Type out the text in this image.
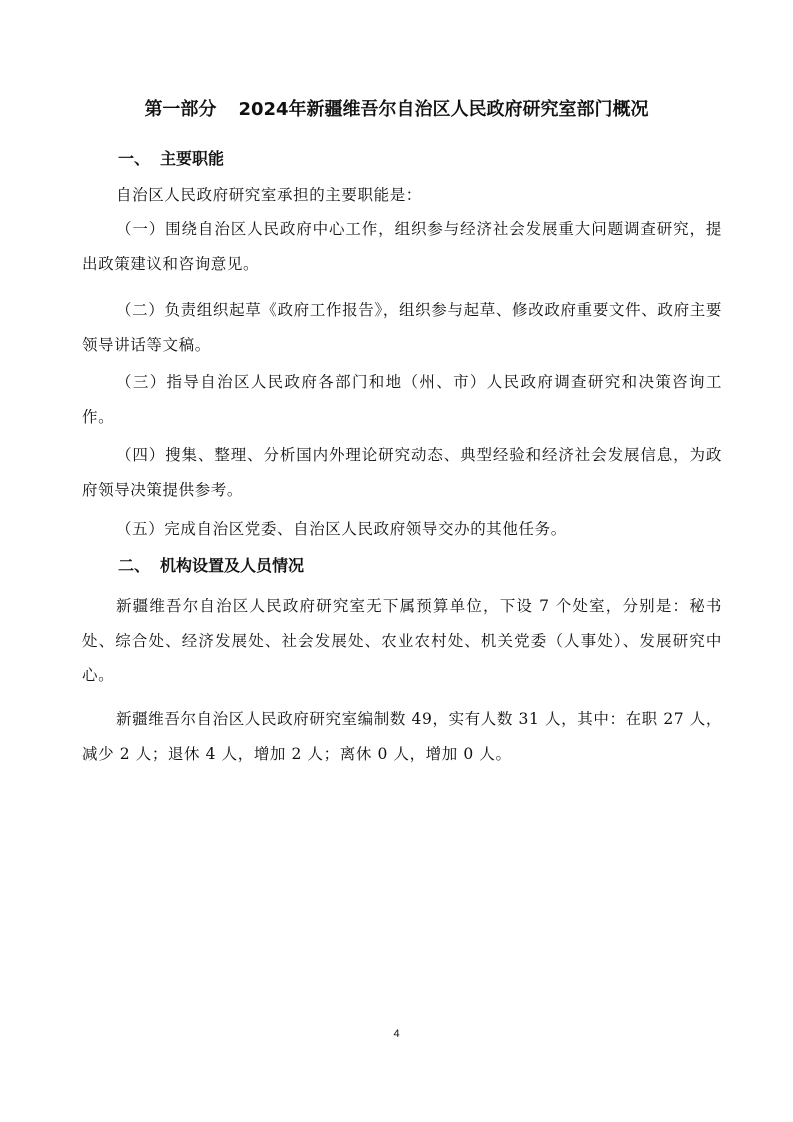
第一部分 2024年新疆维吾尔自治区人民政府研究室部门概况
一、 主要职能
自治区人民政府研究室承担的主要职能是：
（一）围绕自治区人民政府中心工作，组织参与经济社会发展重大问题调查研究，提出政策建议和咨询意见。
（二）负责组织起草《政府工作报告》，组织参与起草、修改政府重要文件、政府主要领导讲话等文稿。
（三）指导自治区人民政府各部门和地（州、市）人民政府调查研究和决策咨询工作。
（四）搜集、整理、分析国内外理论研究动态、典型经验和经济社会发展信息，为政府领导决策提供参考。
（五）完成自治区党委、自治区人民政府领导交办的其他任务。
二、 机构设置及人员情况
新疆维吾尔自治区人民政府研究室无下属预算单位，下设 7 个处室，分别是：秘书处、综合处、经济发展处、社会发展处、农业农村处、机关党委（人事处）、发展研究中心。
新疆维吾尔自治区人民政府研究室编制数 49，实有人数 31 人，其中：在职 27 人，减少 2 人；退休 4 人，增加 2 人；离休 0 人，增加 0 人。
4
